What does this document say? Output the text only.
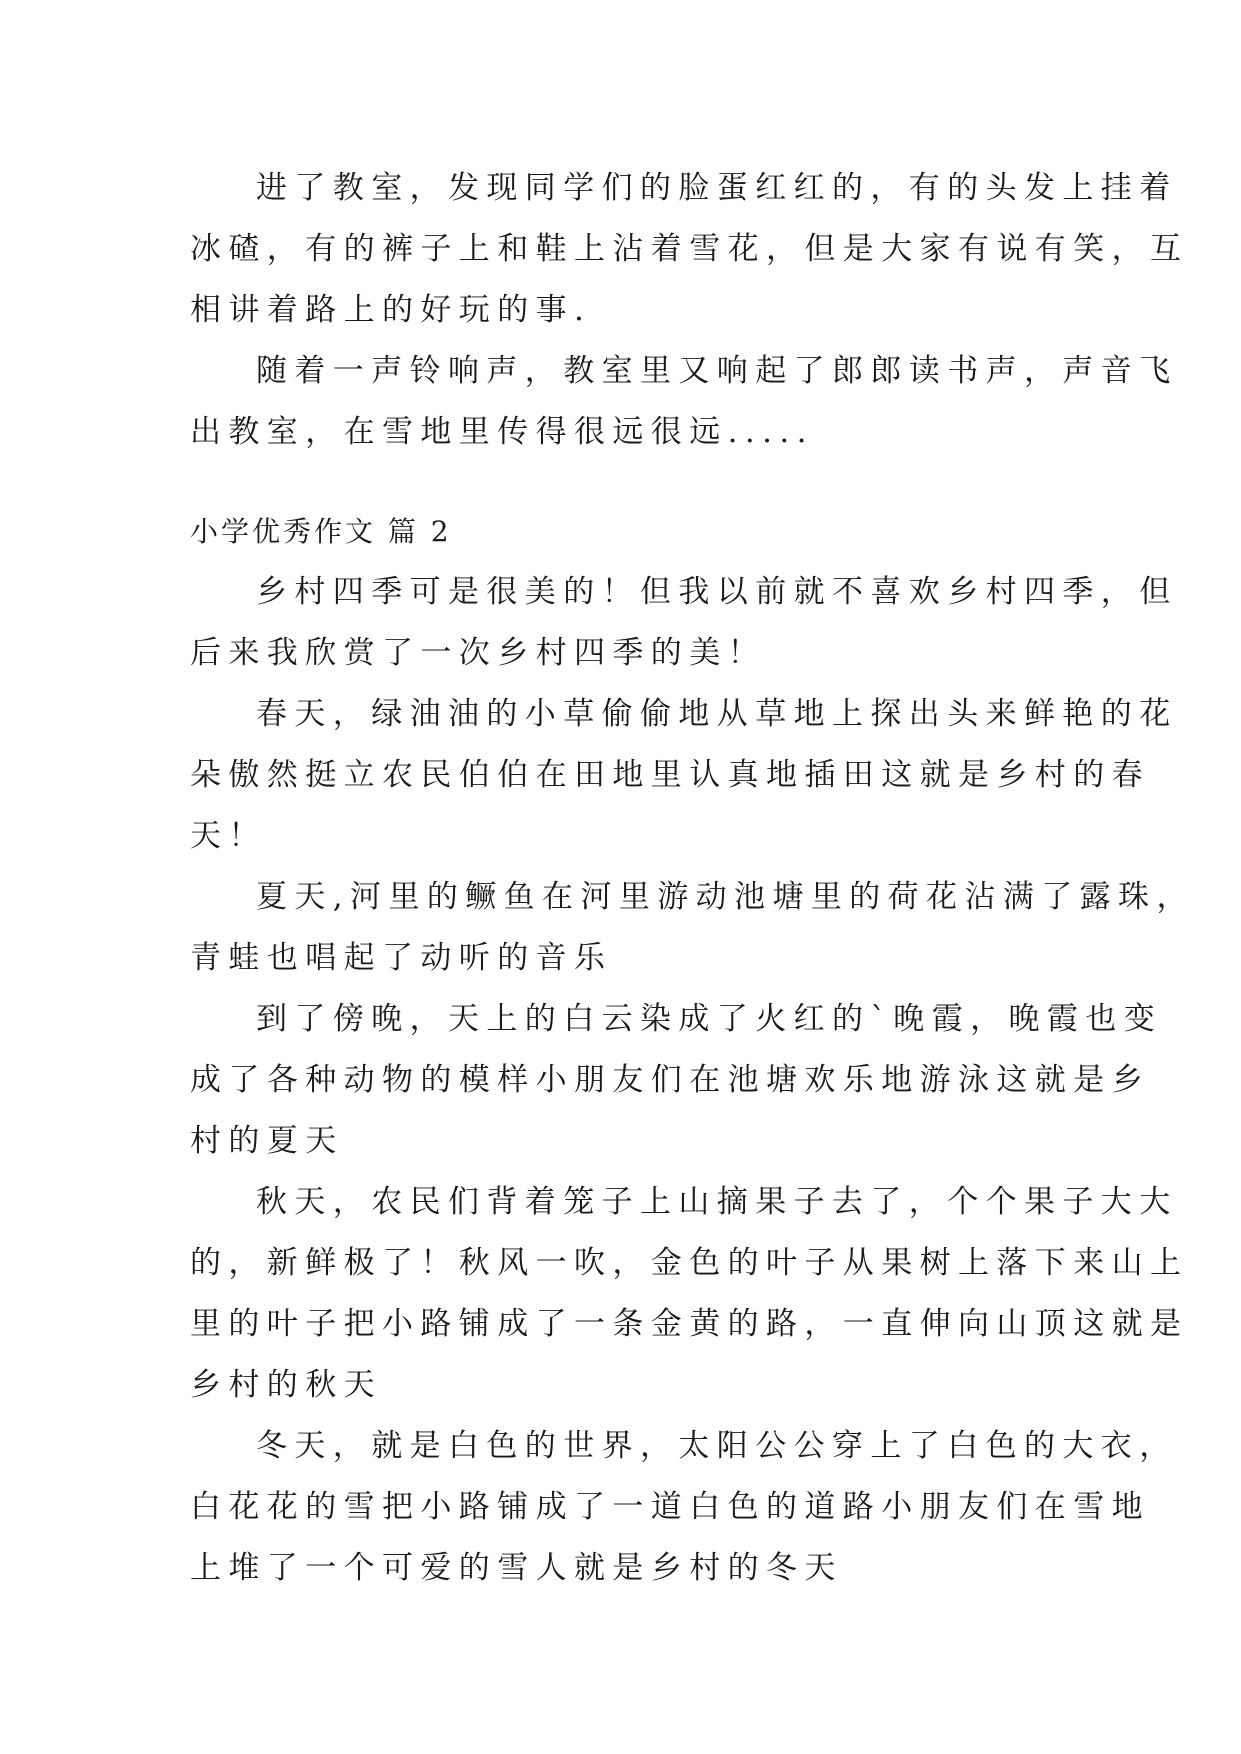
进了教室，发现同学们的脸蛋红红的，有的头发上挂着
冰碴，有的裤子上和鞋上沾着雪花，但是大家有说有笑，互
相讲着路上的好玩的事.
随着一声铃响声，教室里又响起了郎郎读书声，声音飞
出教室，在雪地里传得很远很远.....
小学优秀作文 篇 2
乡村四季可是很美的！但我以前就不喜欢乡村四季，但
后来我欣赏了一次乡村四季的美！
春天，绿油油的小草偷偷地从草地上探出头来鲜艳的花
朵傲然挺立农民伯伯在田地里认真地插田这就是乡村的春
天！
夏天,河里的鳜鱼在河里游动池塘里的荷花沾满了露珠，
青蛙也唱起了动听的音乐
到了傍晚，天上的白云染成了火红的`晚霞，晚霞也变
成了各种动物的模样小朋友们在池塘欢乐地游泳这就是乡
村的夏天
秋天，农民们背着笼子上山摘果子去了，个个果子大大
的，新鲜极了！秋风一吹，金色的叶子从果树上落下来山上
里的叶子把小路铺成了一条金黄的路，一直伸向山顶这就是
乡村的秋天
冬天，就是白色的世界，太阳公公穿上了白色的大衣，
白花花的雪把小路铺成了一道白色的道路小朋友们在雪地
上堆了一个可爱的雪人就是乡村的冬天
